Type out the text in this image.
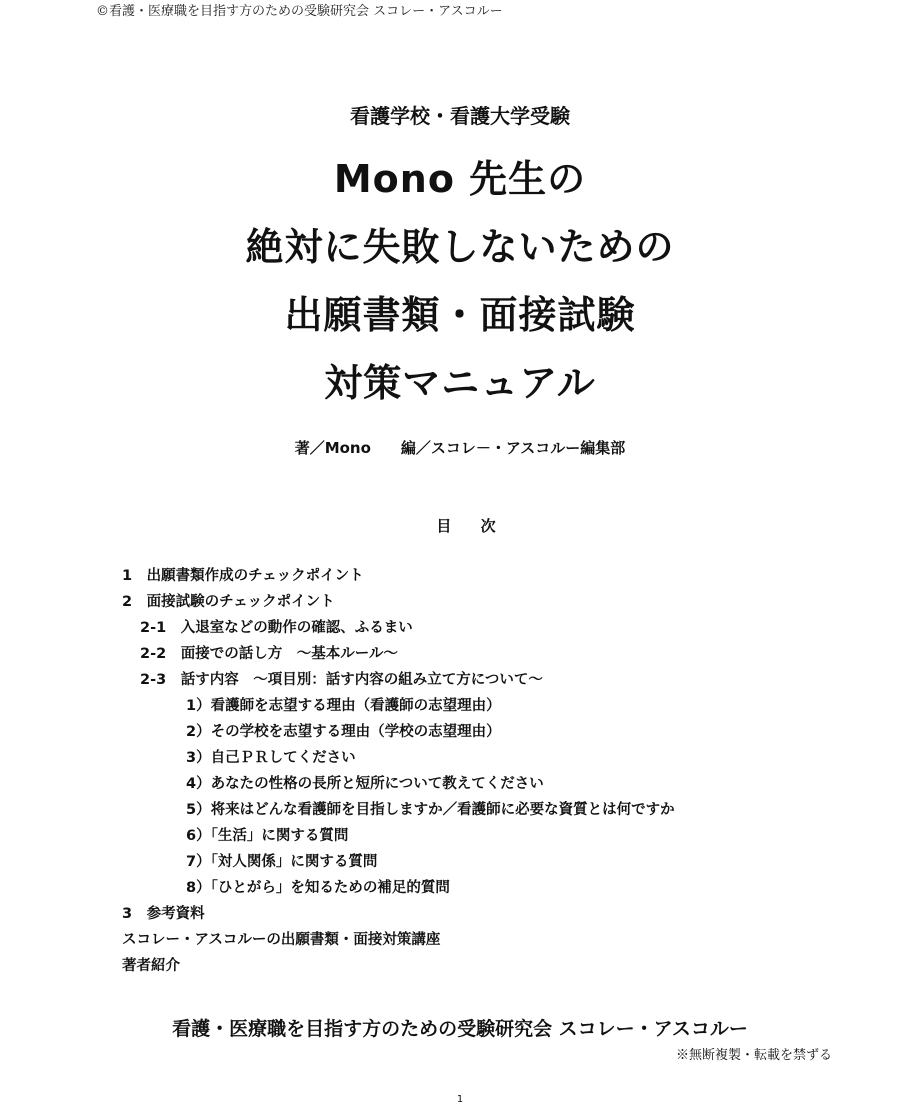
©看護・医療職を目指す方のための受験研究会 スコレー・アスコルー
看護学校・看護大学受験
Mono 先生の
絶対に失敗しないための
出願書類・面接試験
対策マニュアル
著／Mono 編／スコレ－・アスコルー編集部
目 次
1　出願書類作成のチェックポイント
2　面接試験のチェックポイント
2-1　入退室などの動作の確認、ふるまい
2-2　面接での話し方　～基本ルール～
2-3　話す内容　～項目別：話す内容の組み立て方について～
1）看護師を志望する理由（看護師の志望理由）
2）その学校を志望する理由（学校の志望理由）
3）自己ＰＲしてください
4）あなたの性格の長所と短所について教えてください
5）将来はどんな看護師を目指しますか／看護師に必要な資質とは何ですか
6）「生活」に関する質問
7）「対人関係」に関する質問
8）「ひとがら」を知るための補足的質問
3　参考資料
スコレー・アスコルーの出願書類・面接対策講座
著者紹介
看護・医療職を目指す方のための受験研究会 スコレー・アスコルー
※無断複製・転載を禁ずる
1
